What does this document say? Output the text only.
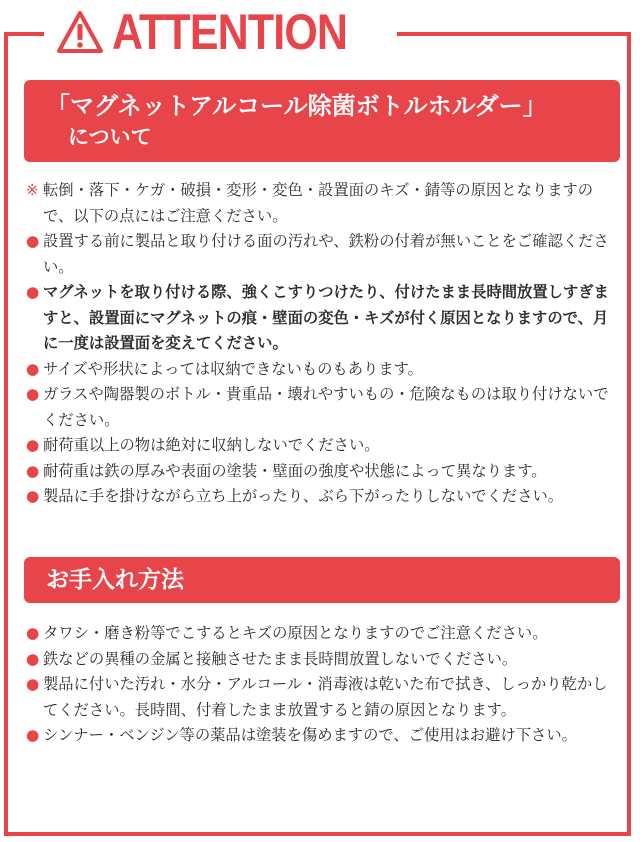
ATTENTION
「マグネットアルコール除菌ボトルホルダー」
について
※ 転倒・落下・ケガ・破損・変形・変色・設置面のキズ・錆等の原因となりますので、以下の点にはご注意ください。
● 設置する前に製品と取り付ける面の汚れや、鉄粉の付着が無いことをご確認ください。
● マグネットを取り付ける際、強くこすりつけたり、付けたまま長時間放置しすぎますと、設置面にマグネットの痕・壁面の変色・キズが付く原因となりますので、月に一度は設置面を変えてください。
● サイズや形状によっては収納できないものもあります。
● ガラスや陶器製のボトル・貴重品・壊れやすいもの・危険なものは取り付けないでください。
● 耐荷重以上の物は絶対に収納しないでください。
● 耐荷重は鉄の厚みや表面の塗装・壁面の強度や状態によって異なります。
● 製品に手を掛けながら立ち上がったり、ぶら下がったりしないでください。
お手入れ方法
● タワシ・磨き粉等でこするとキズの原因となりますのでご注意ください。
● 鉄などの異種の金属と接触させたまま長時間放置しないでください。
● 製品に付いた汚れ・水分・アルコール・消毒液は乾いた布で拭き、しっかり乾かしてください。長時間、付着したまま放置すると錆の原因となります。
● シンナー・ベンジン等の薬品は塗装を傷めますので、ご使用はお避け下さい。
